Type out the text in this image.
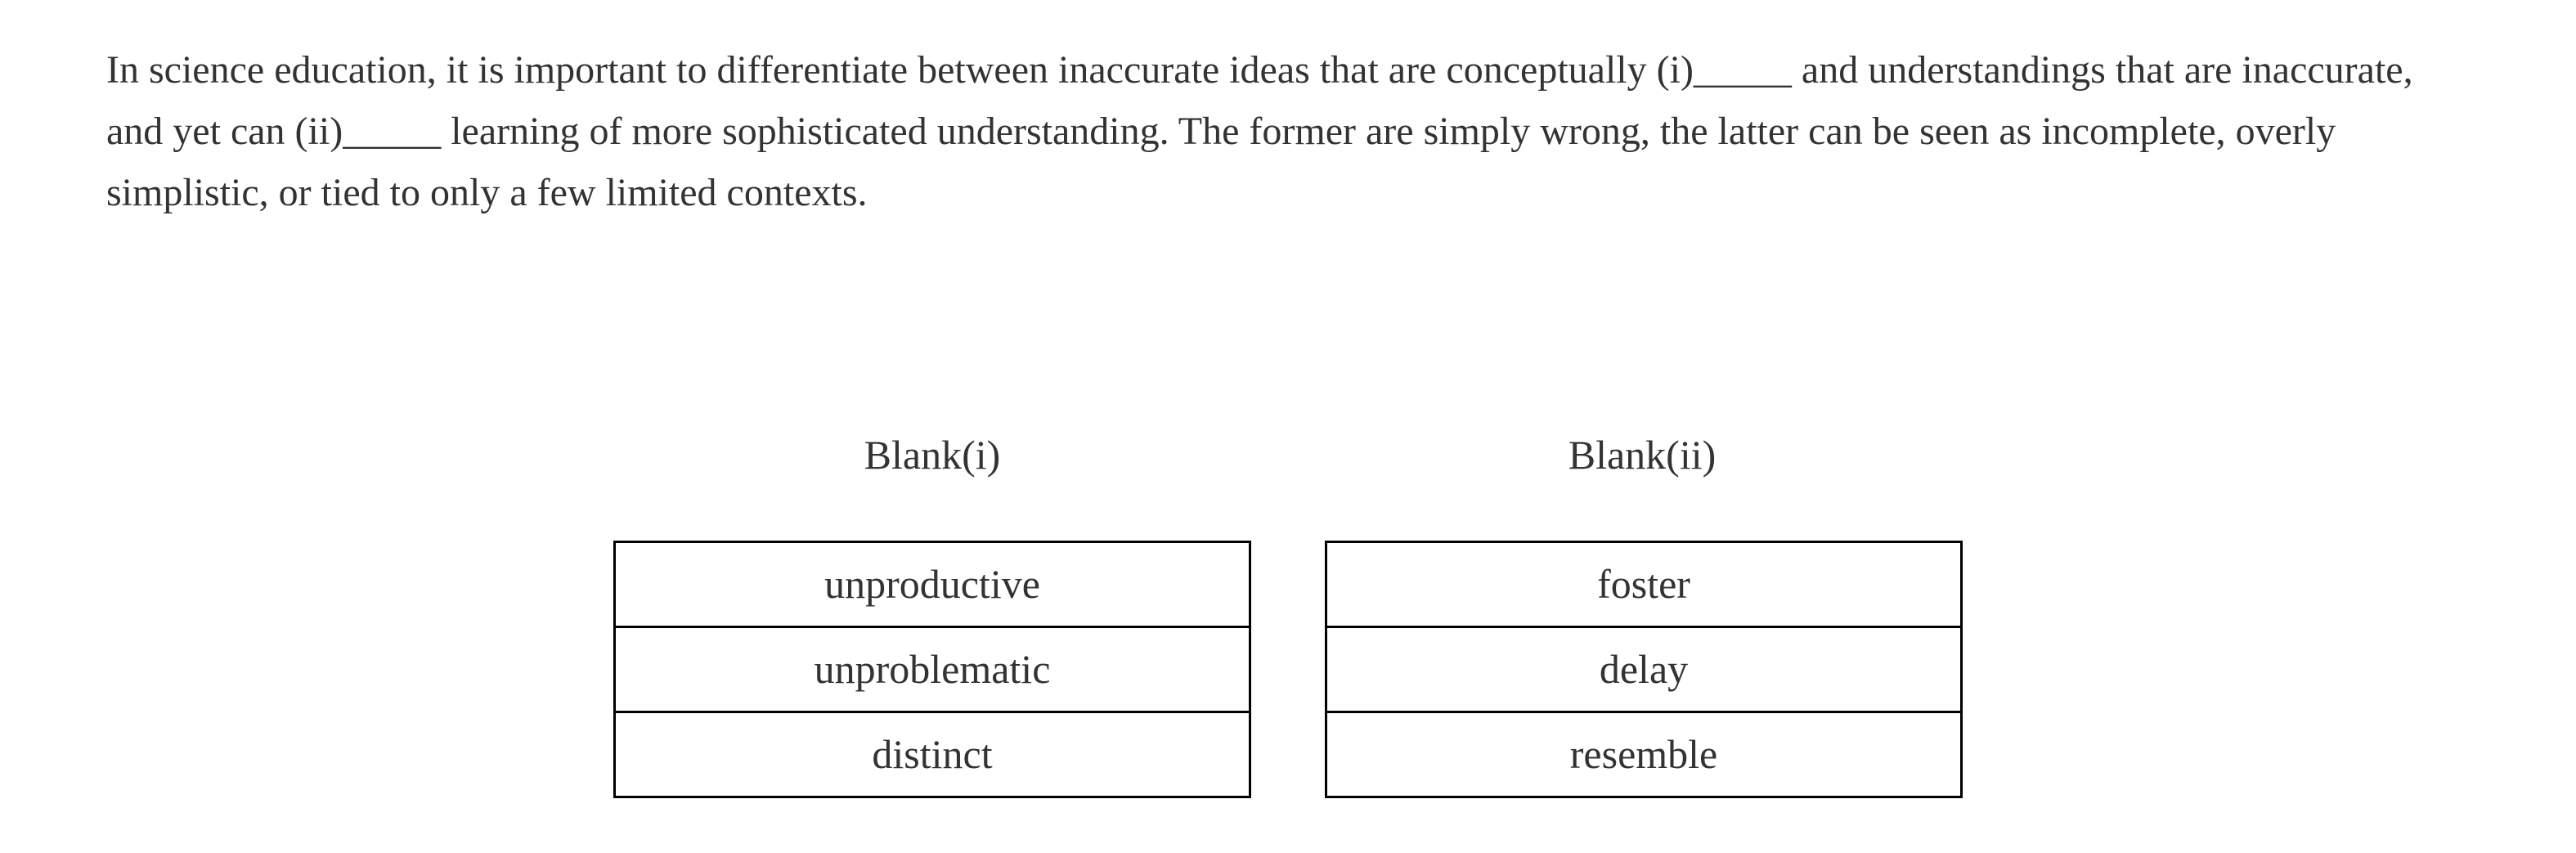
In science education, it is important to differentiate between inaccurate ideas that are conceptually (i)_____ and understandings that are inaccurate, and yet can (ii)_____ learning of more sophisticated understanding. The former are simply wrong, the latter can be seen as incomplete, overly simplistic, or tied to only a few limited contexts.

Blank(i)	Blank(ii)
unproductive
unproblematic
distinct
foster
delay
resemble
